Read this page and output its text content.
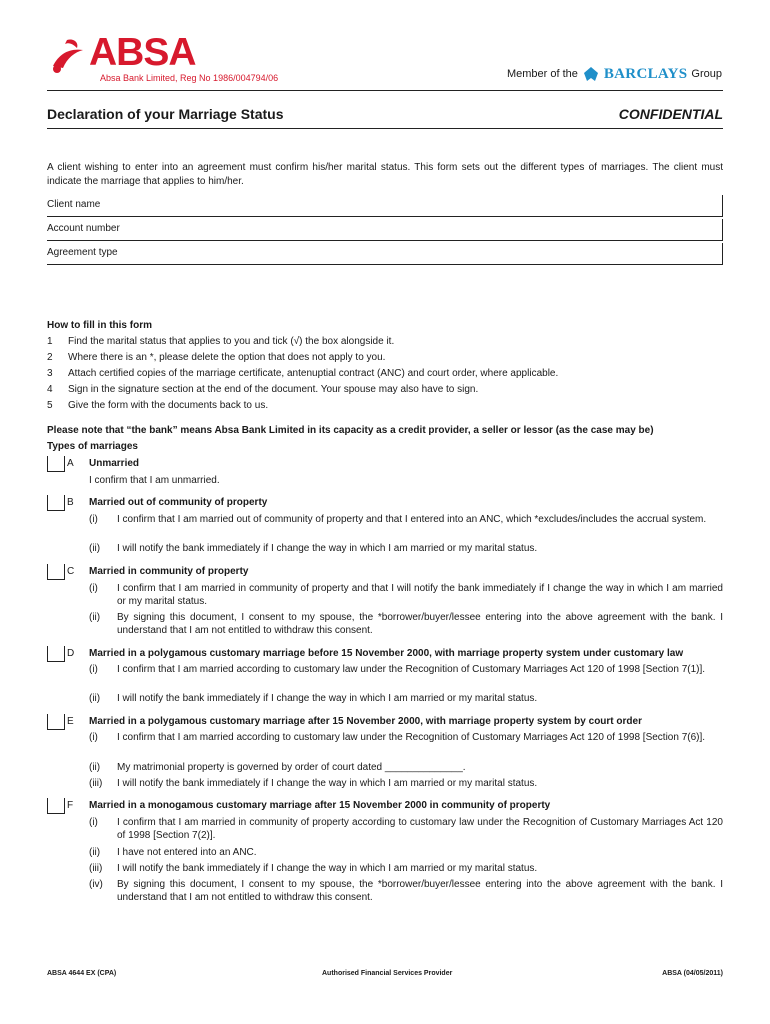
ABSA
Absa Bank Limited, Reg No 1986/004794/06	Member of the BARCLAYS Group
Declaration of your Marriage Status	CONFIDENTIAL
A client wishing to enter into an agreement must confirm his/her marital status. This form sets out the different types of marriages. The client must indicate the marriage that applies to him/her.
Client name
Account number
Agreement type
How to fill in this form
1 Find the marital status that applies to you and tick (√) the box alongside it.
2 Where there is an *, please delete the option that does not apply to you.
3 Attach certified copies of the marriage certificate, antenuptial contract (ANC) and court order, where applicable.
4 Sign in the signature section at the end of the document. Your spouse may also have to sign.
5 Give the form with the documents back to us.
Please note that “the bank” means Absa Bank Limited in its capacity as a credit provider, a seller or lessor (as the case may be)
Types of marriages
A Unmarried
I confirm that I am unmarried.
B Married out of community of property
(i)	I confirm that I am married out of community of property and that I entered into an ANC, which *excludes/includes the accrual system.
(ii)	I will notify the bank immediately if I change the way in which I am married or my marital status.
C Married in community of property
(i)	I confirm that I am married in community of property and that I will notify the bank immediately if I change the way in which I am married or my marital status.
(ii)	By signing this document, I consent to my spouse, the *borrower/buyer/lessee entering into the above agreement with the bank. I understand that I am not entitled to withdraw this consent.
D Married in a polygamous customary marriage before 15 November 2000, with marriage property system under customary law
(i)	I confirm that I am married according to customary law under the Recognition of Customary Marriages Act 120 of 1998 [Section 7(1)].
(ii)	I will notify the bank immediately if I change the way in which I am married or my marital status.
E Married in a polygamous customary marriage after 15 November 2000, with marriage property system by court order
(i)	I confirm that I am married according to customary law under the Recognition of Customary Marriages Act 120 of 1998 [Section 7(6)].
(ii)	My matrimonial property is governed by order of court dated ______________.
(iii)	I will notify the bank immediately if I change the way in which I am married or my marital status.
F Married in a monogamous customary marriage after 15 November 2000 in community of property
(i)	I confirm that I am married in community of property according to customary law under the Recognition of Customary Marriages Act 120 of 1998 [Section 7(2)].
(ii)	I have not entered into an ANC.
(iii)	I will notify the bank immediately if I change the way in which I am married or my marital status.
(iv)	By signing this document, I consent to my spouse, the *borrower/buyer/lessee entering into the above agreement with the bank. I understand that I am not entitled to withdraw this consent.
ABSA 4644 EX (CPA)	Authorised Financial Services Provider	ABSA (04/05/2011)
